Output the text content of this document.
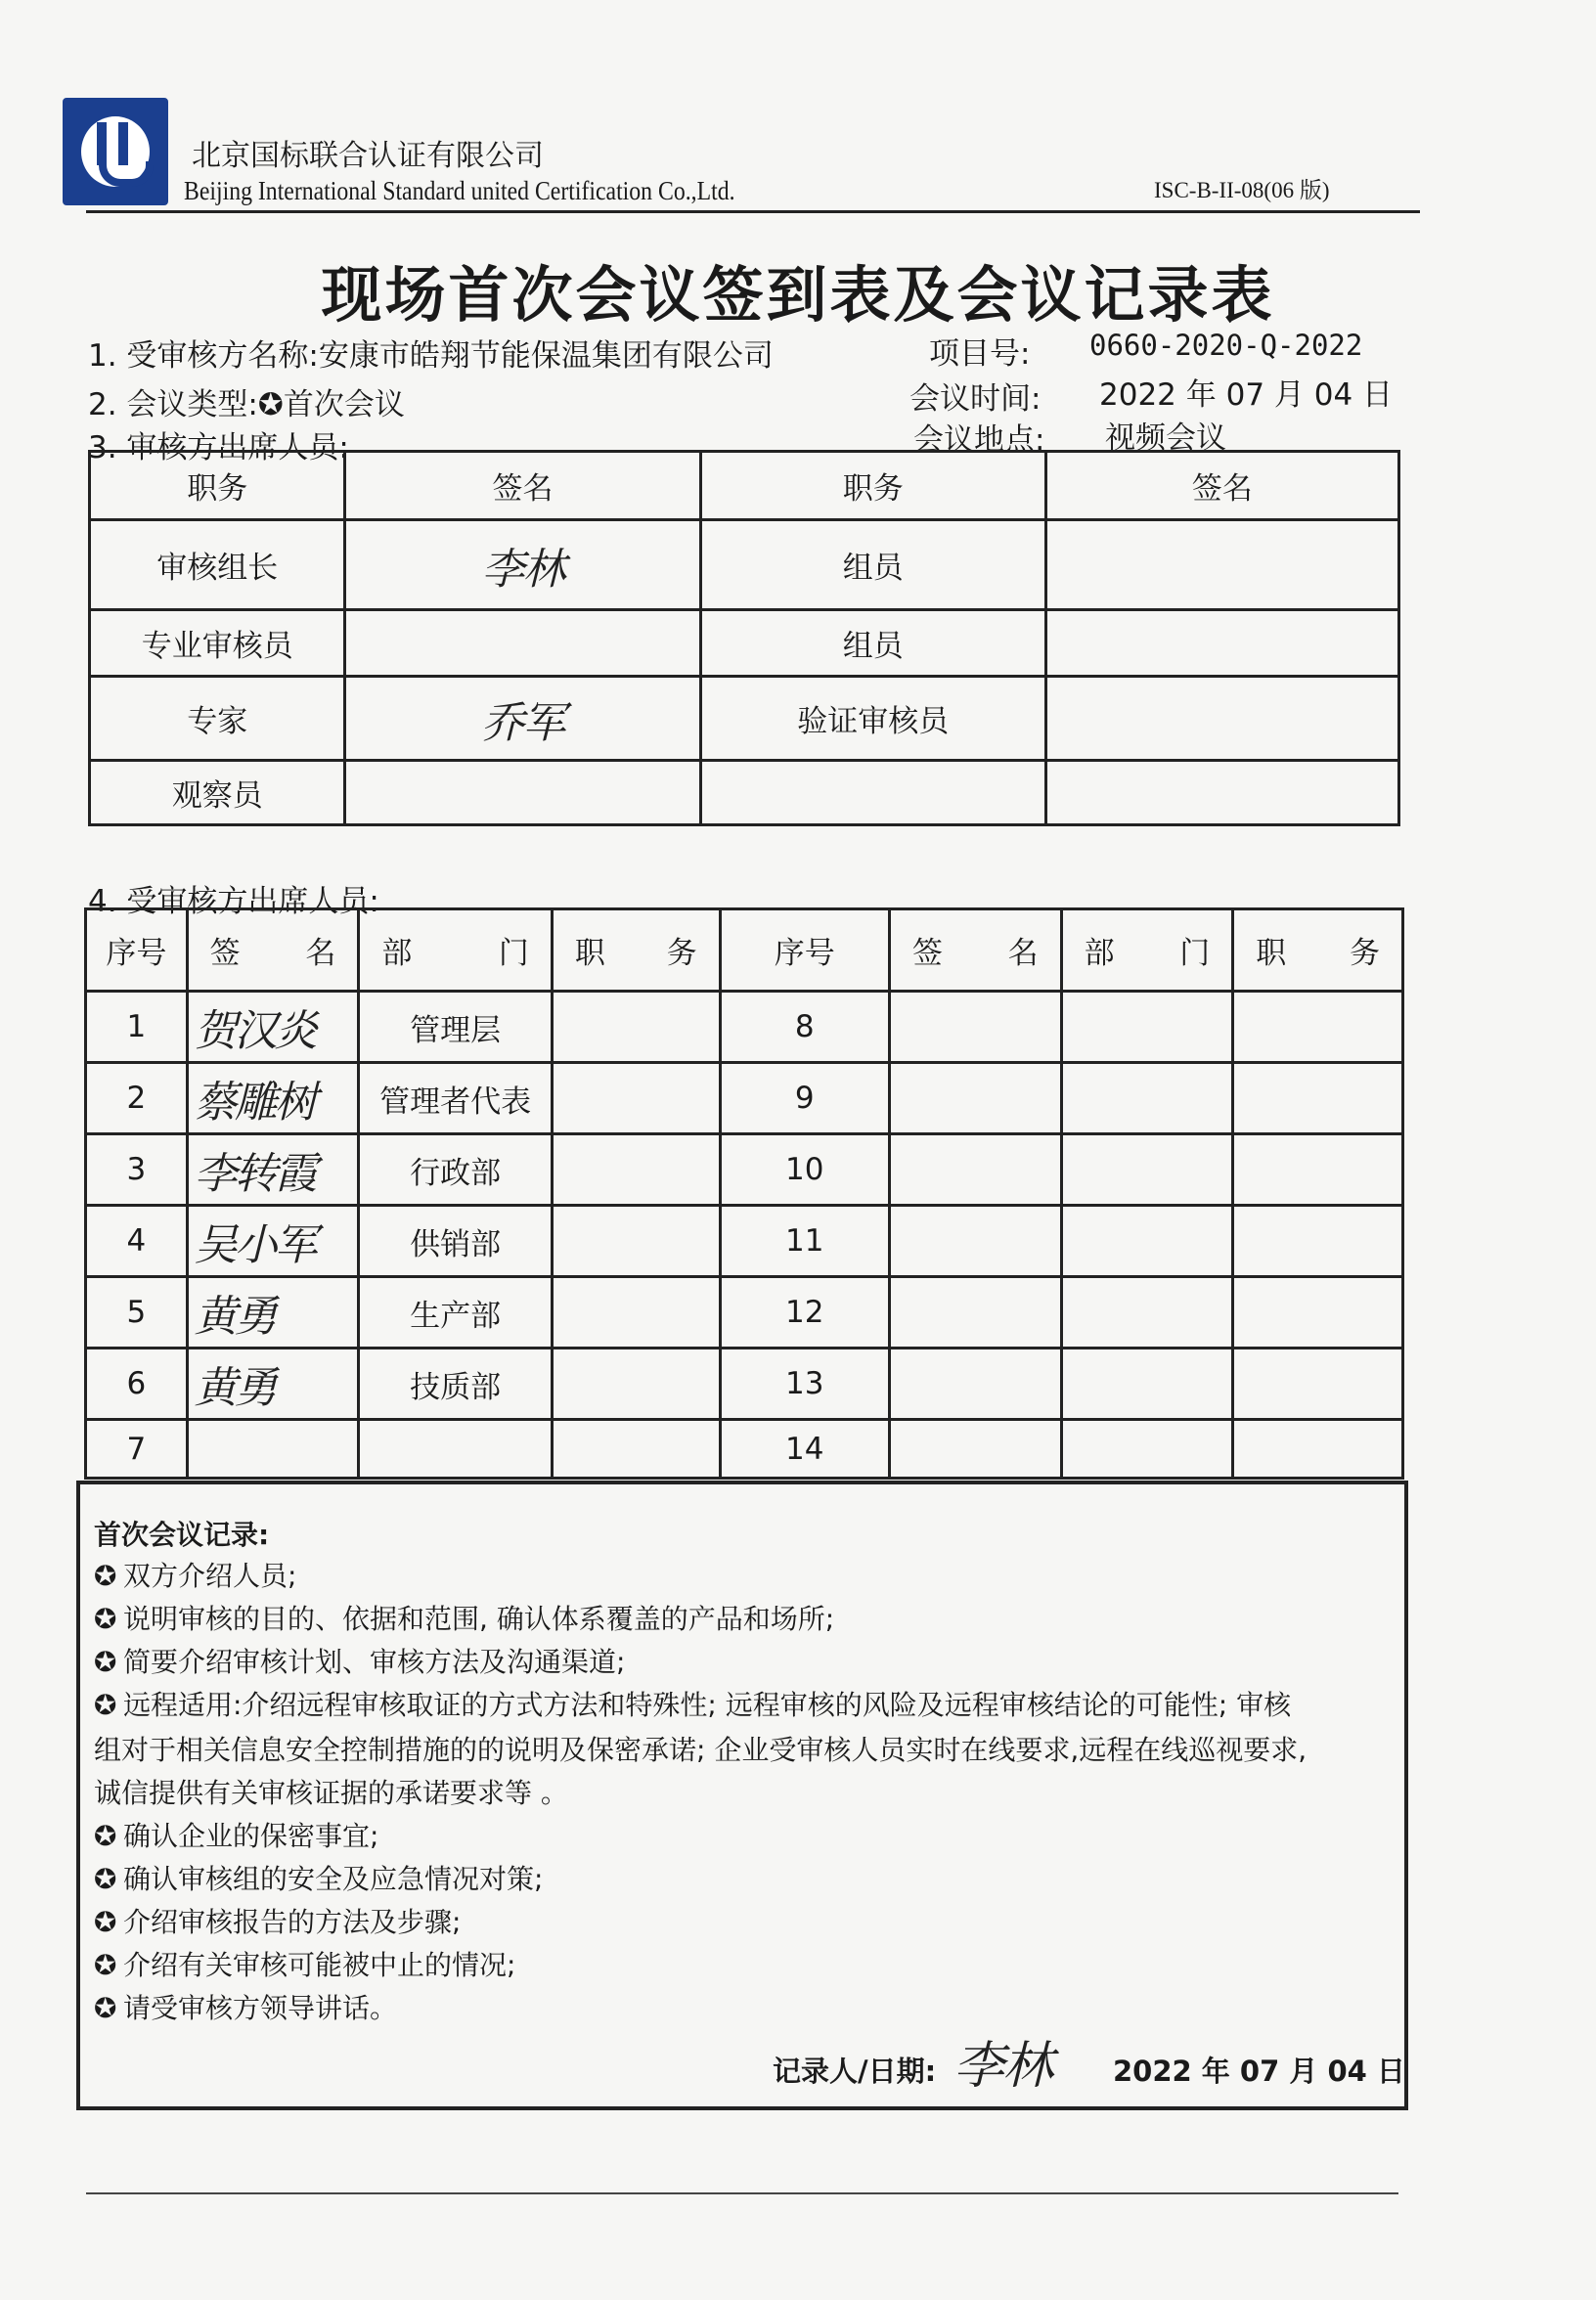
北京国标联合认证有限公司
Beijing International Standard united Certification Co.,Ltd.	ISC-B-II-08(06 版)
现场首次会议签到表及会议记录表
1. 受审核方名称:安康市皓翔节能保温集团有限公司	项目号: 0660-2020-Q-2022
2. 会议类型:✪首次会议	会议时间: 2022 年 07 月 04 日
3. 审核方出席人员:	会议地点: 视频会议
职务	签名	职务	签名
审核组长	李林	组员	
专业审核员		组员	
专家	乔军	验证审核员	
观察员			
4. 受审核方出席人员:
序号	签 名	部 门	职 务	序号	签 名	部 门	职 务

1	贺汉炎	管理层		8			
2	蔡雕树	管理者代表		9			
3	李转霞	行政部		10			
4	吴小军	供销部		11			
5	黄勇	生产部		12			
6	黄勇	技质部		13			
7				14			
首次会议记录:
✪ 双方介绍人员;
✪ 说明审核的目的、依据和范围, 确认体系覆盖的产品和场所;
✪ 简要介绍审核计划、审核方法及沟通渠道;
✪ 远程适用:介绍远程审核取证的方式方法和特殊性; 远程审核的风险及远程审核结论的可能性; 审核
组对于相关信息安全控制措施的的说明及保密承诺; 企业受审核人员实时在线要求,远程在线巡视要求,
诚信提供有关审核证据的承诺要求等 。
✪ 确认企业的保密事宜;
✪ 确认审核组的安全及应急情况对策;
✪ 介绍审核报告的方法及步骤;
✪ 介绍有关审核可能被中止的情况;
✪ 请受审核方领导讲话。
记录人/日期: 李林 2022 年 07 月 04 日
